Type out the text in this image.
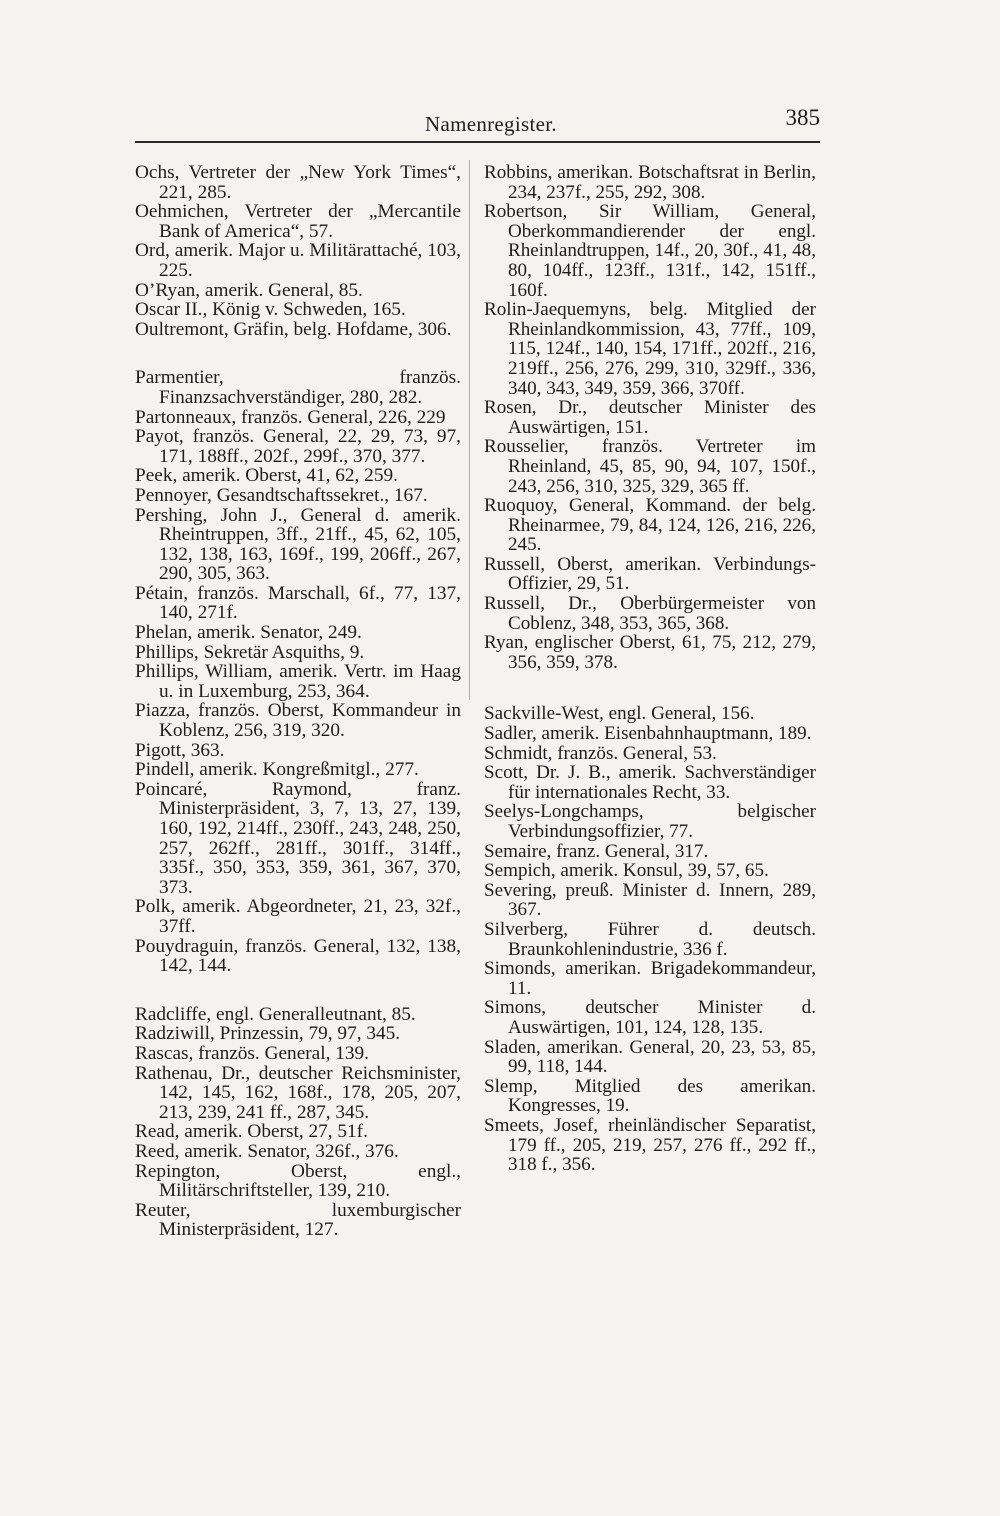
Namenregister.	385
Ochs, Vertreter der „New York Times“, 221, 285.
Oehmichen, Vertreter der „Mercantile Bank of America“, 57.
Ord, amerik. Major u. Militärattaché, 103, 225.
O’Ryan, amerik. General, 85.
Oscar II., König v. Schweden, 165.
Oultremont, Gräfin, belg. Hofdame, 306.
Parmentier, französ. Finanzsachverständiger, 280, 282.
Partonneaux, französ. General, 226, 229
Payot, französ. General, 22, 29, 73, 97, 171, 188ff., 202f., 299f., 370, 377.
Peek, amerik. Oberst, 41, 62, 259.
Pennoyer, Gesandtschaftssekret., 167.
Pershing, John J., General d. amerik. Rheintruppen, 3ff., 21ff., 45, 62, 105, 132, 138, 163, 169f., 199, 206ff., 267, 290, 305, 363.
Pétain, französ. Marschall, 6f., 77, 137, 140, 271f.
Phelan, amerik. Senator, 249.
Phillips, Sekretär Asquiths, 9.
Phillips, William, amerik. Vertr. im Haag u. in Luxemburg, 253, 364.
Piazza, französ. Oberst, Kommandeur in Koblenz, 256, 319, 320.
Pigott, 363.
Pindell, amerik. Kongreßmitgl., 277.
Poincaré, Raymond, franz. Ministerpräsident, 3, 7, 13, 27, 139, 160, 192, 214ff., 230ff., 243, 248, 250, 257, 262ff., 281ff., 301ff., 314ff., 335f., 350, 353, 359, 361, 367, 370, 373.
Polk, amerik. Abgeordneter, 21, 23, 32f., 37ff.
Pouydraguin, französ. General, 132, 138, 142, 144.
Radcliffe, engl. Generalleutnant, 85.
Radziwill, Prinzessin, 79, 97, 345.
Rascas, französ. General, 139.
Rathenau, Dr., deutscher Reichsminister, 142, 145, 162, 168f., 178, 205, 207, 213, 239, 241 ff., 287, 345.
Read, amerik. Oberst, 27, 51f.
Reed, amerik. Senator, 326f., 376.
Repington, Oberst, engl., Militärschriftsteller, 139, 210.
Reuter, luxemburgischer Ministerpräsident, 127.
Robbins, amerikan. Botschaftsrat in Berlin, 234, 237f., 255, 292, 308.
Robertson, Sir William, General, Oberkommandierender der engl. Rheinlandtruppen, 14f., 20, 30f., 41, 48, 80, 104ff., 123ff., 131f., 142, 151ff., 160f.
Rolin-Jaequemyns, belg. Mitglied der Rheinlandkommission, 43, 77ff., 109, 115, 124f., 140, 154, 171ff., 202ff., 216, 219ff., 256, 276, 299, 310, 329ff., 336, 340, 343, 349, 359, 366, 370ff.
Rosen, Dr., deutscher Minister des Auswärtigen, 151.
Rousselier, französ. Vertreter im Rheinland, 45, 85, 90, 94, 107, 150f., 243, 256, 310, 325, 329, 365 ff.
Ruoquoy, General, Kommand. der belg. Rheinarmee, 79, 84, 124, 126, 216, 226, 245.
Russell, Oberst, amerikan. Verbindungs-Offizier, 29, 51.
Russell, Dr., Oberbürgermeister von Coblenz, 348, 353, 365, 368.
Ryan, englischer Oberst, 61, 75, 212, 279, 356, 359, 378.
Sackville-West, engl. General, 156.
Sadler, amerik. Eisenbahnhauptmann, 189.
Schmidt, französ. General, 53.
Scott, Dr. J. B., amerik. Sachverständiger für internationales Recht, 33.
Seelys-Longchamps, belgischer Verbindungsoffizier, 77.
Semaire, franz. General, 317.
Sempich, amerik. Konsul, 39, 57, 65.
Severing, preuß. Minister d. Innern, 289, 367.
Silverberg, Führer d. deutsch. Braunkohlenindustrie, 336 f.
Simonds, amerikan. Brigadekommandeur, 11.
Simons, deutscher Minister d. Auswärtigen, 101, 124, 128, 135.
Sladen, amerikan. General, 20, 23, 53, 85, 99, 118, 144.
Slemp, Mitglied des amerikan. Kongresses, 19.
Smeets, Josef, rheinländischer Separatist, 179 ff., 205, 219, 257, 276 ff., 292 ff., 318 f., 356.
